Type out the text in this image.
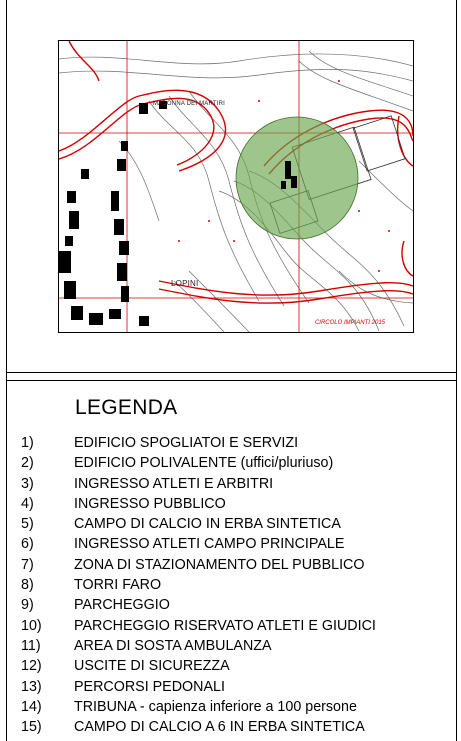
MADONNA DEI MARTIRI
LOPINI
CIRCOLO IMPIANTI 2015
LEGENDA
1)	EDIFICIO SPOGLIATOI E SERVIZI
2)	EDIFICIO POLIVALENTE (uffici/pluriuso)
3)	INGRESSO ATLETI E ARBITRI
4)	INGRESSO PUBBLICO
5)	CAMPO DI CALCIO IN ERBA SINTETICA
6)	INGRESSO ATLETI CAMPO PRINCIPALE
7)	ZONA DI STAZIONAMENTO DEL PUBBLICO
8)	TORRI FARO
9)	PARCHEGGIO
10) PARCHEGGIO RISERVATO ATLETI E GIUDICI
11) AREA DI SOSTA AMBULANZA
12) USCITE DI SICUREZZA
13) PERCORSI PEDONALI
14) TRIBUNA - capienza inferiore a 100 persone
15) CAMPO DI CALCIO A 6 IN ERBA SINTETICA
